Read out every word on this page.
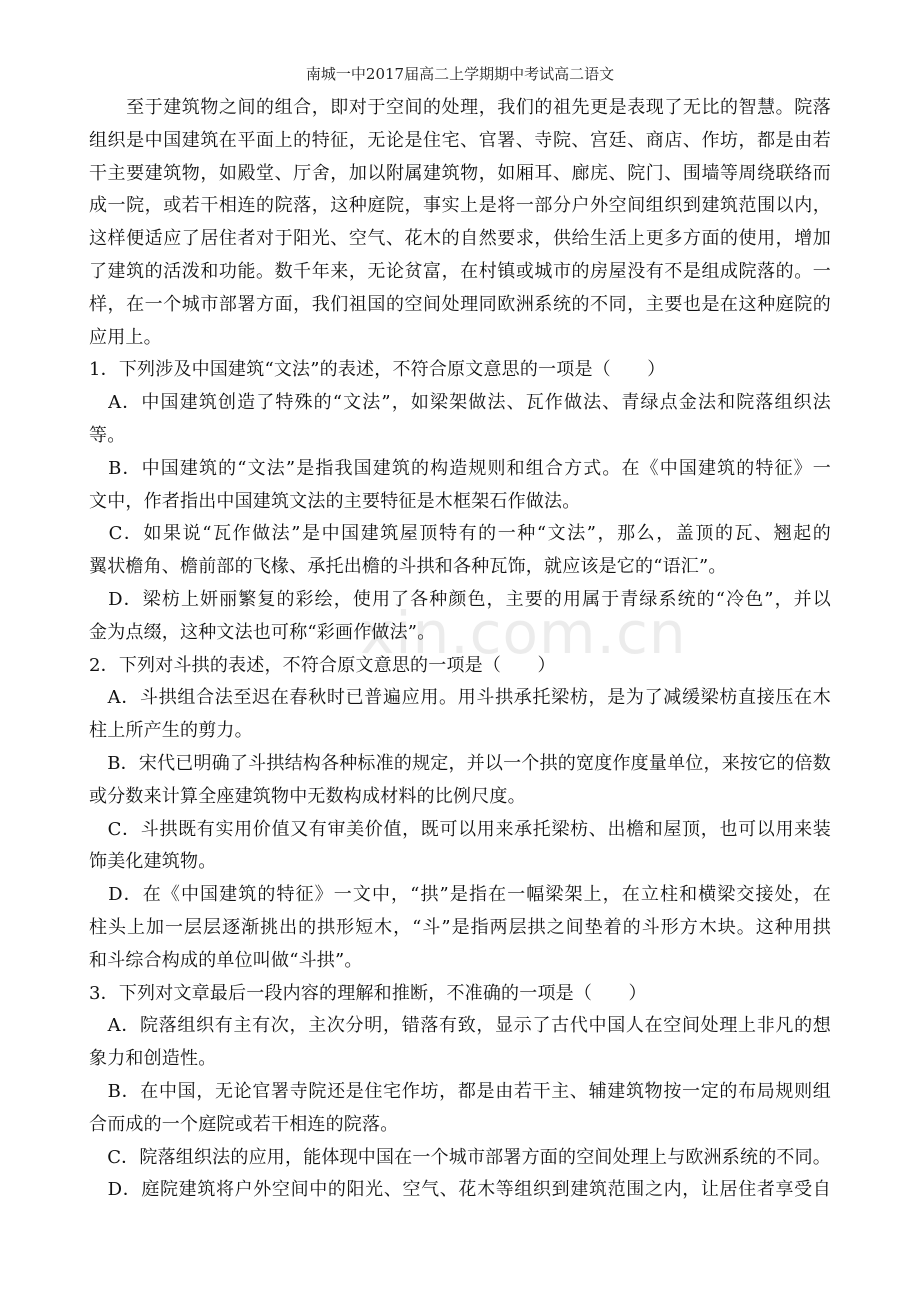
南城一中2017届高二上学期期中考试高二语文
xin.com.cn
　　至于建筑物之间的组合，即对于空间的处理，我们的祖先更是表现了无比的智慧。院落
组织是中国建筑在平面上的特征，无论是住宅、官署、寺院、宫廷、商店、作坊，都是由若
干主要建筑物，如殿堂、厅舍，加以附属建筑物，如厢耳、廊庑、院门、围墙等周绕联络而
成一院，或若干相连的院落，这种庭院，事实上是将一部分户外空间组织到建筑范围以内，
这样便适应了居住者对于阳光、空气、花木的自然要求，供给生活上更多方面的使用，增加
了建筑的活泼和功能。数千年来，无论贫富，在村镇或城市的房屋没有不是组成院落的。一
样，在一个城市部署方面，我们祖国的空间处理同欧洲系统的不同，主要也是在这种庭院的
应用上。
1．下列涉及中国建筑“文法”的表述，不符合原文意思的一项是（　　）
　A．中国建筑创造了特殊的“文法”，如梁架做法、瓦作做法、青绿点金法和院落组织法
等。
　B．中国建筑的“文法”是指我国建筑的构造规则和组合方式。在《中国建筑的特征》一
文中，作者指出中国建筑文法的主要特征是木框架石作做法。
　C．如果说“瓦作做法”是中国建筑屋顶特有的一种“文法”，那么，盖顶的瓦、翘起的
翼状檐角、檐前部的飞椽、承托出檐的斗拱和各种瓦饰，就应该是它的“语汇”。
　D．梁枋上妍丽繁复的彩绘，使用了各种颜色，主要的用属于青绿系统的“冷色”，并以
金为点缀，这种文法也可称“彩画作做法”。
2．下列对斗拱的表述，不符合原文意思的一项是（　　）
　A．斗拱组合法至迟在春秋时已普遍应用。用斗拱承托梁枋，是为了减缓梁枋直接压在木
柱上所产生的剪力。
　B．宋代已明确了斗拱结构各种标准的规定，并以一个拱的宽度作度量单位，来按它的倍数
或分数来计算全座建筑物中无数构成材料的比例尺度。
　C．斗拱既有实用价值又有审美价值，既可以用来承托梁枋、出檐和屋顶，也可以用来装
饰美化建筑物。
　D．在《中国建筑的特征》一文中，“拱”是指在一幅梁架上，在立柱和横梁交接处，在
柱头上加一层层逐渐挑出的拱形短木，“斗”是指两层拱之间垫着的斗形方木块。这种用拱
和斗综合构成的单位叫做“斗拱”。
3．下列对文章最后一段内容的理解和推断，不准确的一项是（　　）
　A．院落组织有主有次，主次分明，错落有致，显示了古代中国人在空间处理上非凡的想
象力和创造性。
　B．在中国，无论官署寺院还是住宅作坊，都是由若干主、辅建筑物按一定的布局规则组
合而成的一个庭院或若干相连的院落。
　C．院落组织法的应用，能体现中国在一个城市部署方面的空间处理上与欧洲系统的不同。
　D．庭院建筑将户外空间中的阳光、空气、花木等组织到建筑范围之内，让居住者享受自
